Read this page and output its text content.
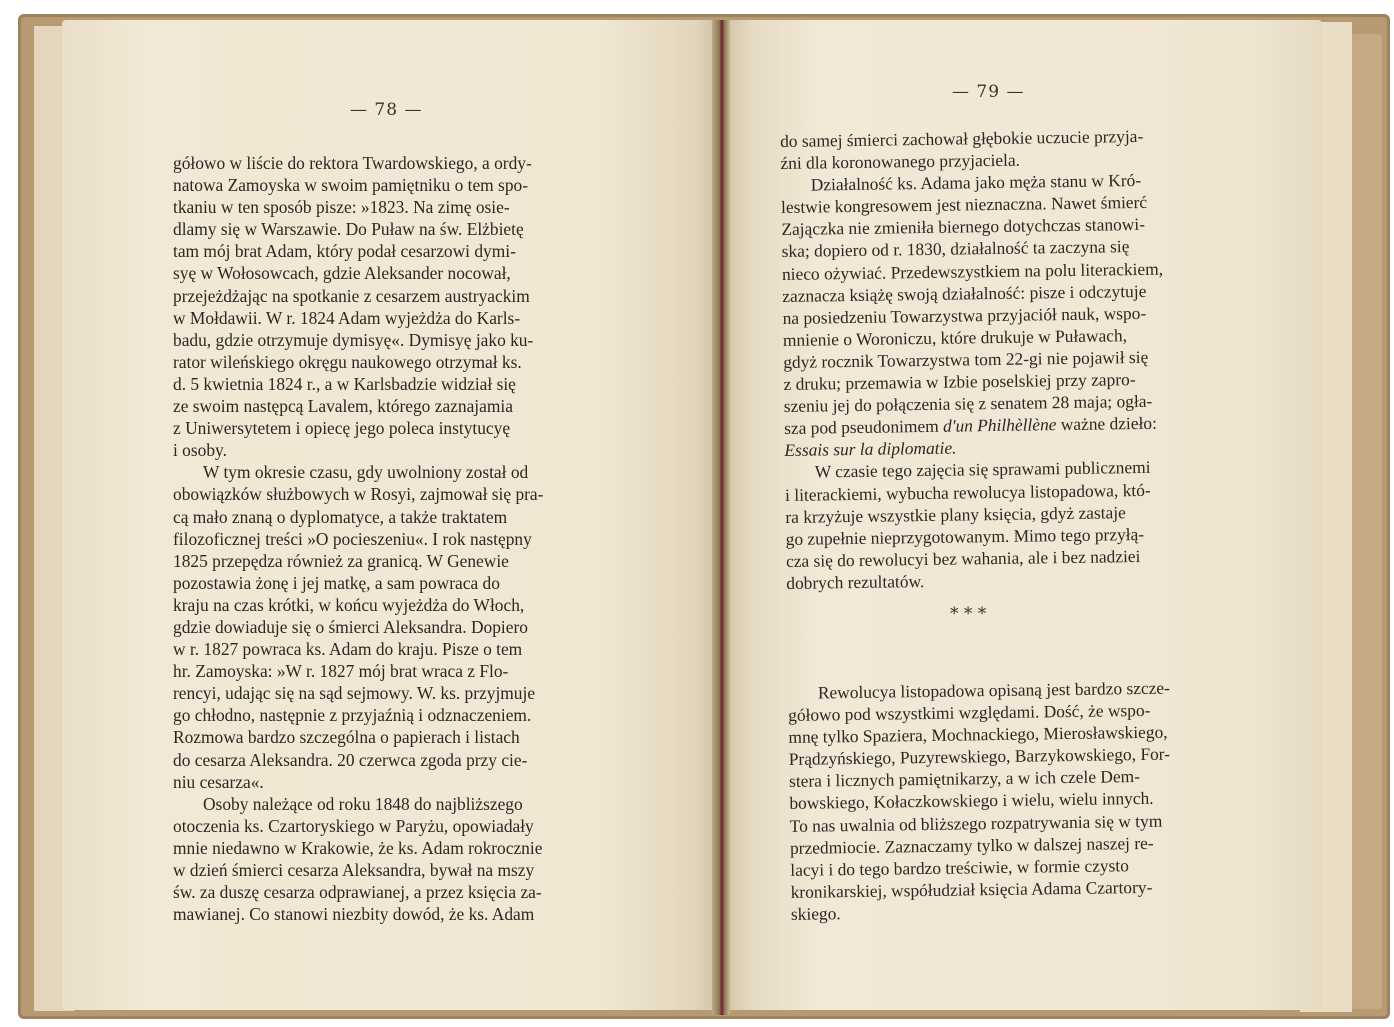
— 78 —
gółowo w liście do rektora Twardowskiego, a ordy-
natowa Zamoyska w swoim pamiętniku o tem spo-
tkaniu w ten sposób pisze: »1823. Na zimę osie-
dlamy się w Warszawie. Do Puław na św. Elżbietę
tam mój brat Adam, który podał cesarzowi dymi-
syę w Wołosowcach, gdzie Aleksander nocował,
przejeżdżając na spotkanie z cesarzem austryackim
w Mołdawii. W r. 1824 Adam wyjeżdża do Karls-
badu, gdzie otrzymuje dymisyę«. Dymisyę jako ku-
rator wileńskiego okręgu naukowego otrzymał ks.
d. 5 kwietnia 1824 r., a w Karlsbadzie widział się
ze swoim następcą Lavalem, którego zaznajamia
z Uniwersytetem i opiecę jego poleca instytucyę
i osoby.
W tym okresie czasu, gdy uwolniony został od
obowiązków służbowych w Rosyi, zajmował się pra-
cą mało znaną o dyplomatyce, a także traktatem
filozoficznej treści »O pocieszeniu«. I rok następny
1825 przepędza również za granicą. W Genewie
pozostawia żonę i jej matkę, a sam powraca do
kraju na czas krótki, w końcu wyjeżdża do Włoch,
gdzie dowiaduje się o śmierci Aleksandra. Dopiero
w r. 1827 powraca ks. Adam do kraju. Pisze o tem
hr. Zamoyska: »W r. 1827 mój brat wraca z Flo-
rencyi, udając się na sąd sejmowy. W. ks. przyjmuje
go chłodno, następnie z przyjaźnią i odznaczeniem.
Rozmowa bardzo szczególna o papierach i listach
do cesarza Aleksandra. 20 czerwca zgoda przy cie-
niu cesarza«.
Osoby należące od roku 1848 do najbliższego
otoczenia ks. Czartoryskiego w Paryżu, opowiadały
mnie niedawno w Krakowie, że ks. Adam rokrocznie
w dzień śmierci cesarza Aleksandra, bywał na mszy
św. za duszę cesarza odprawianej, a przez księcia za-
mawianej. Co stanowi niezbity dowód, że ks. Adam
— 79 —
do samej śmierci zachował głębokie uczucie przyja-
źni dla koronowanego przyjaciela.
Działalność ks. Adama jako męża stanu w Kró-
lestwie kongresowem jest nieznaczna. Nawet śmierć
Zajączka nie zmieniła biernego dotychczas stanowi-
ska; dopiero od r. 1830, działalność ta zaczyna się
nieco ożywiać. Przedewszystkiem na polu literackiem,
zaznacza książę swoją działalność: pisze i odczytuje
na posiedzeniu Towarzystwa przyjaciół nauk, wspo-
mnienie o Woroniczu, które drukuje w Puławach,
gdyż rocznik Towarzystwa tom 22-gi nie pojawił się
z druku; przemawia w Izbie poselskiej przy zapro-
szeniu jej do połączenia się z senatem 28 maja; ogła-
sza pod pseudonimem d'un Philhèllène ważne dzieło:
Essais sur la diplomatie.
W czasie tego zajęcia się sprawami publicznemi
i literackiemi, wybucha rewolucya listopadowa, któ-
ra krzyżuje wszystkie plany księcia, gdyż zastaje
go zupełnie nieprzygotowanym. Mimo tego przyłą-
cza się do rewolucyi bez wahania, ale i bez nadziei
dobrych rezultatów.
Rewolucya listopadowa opisaną jest bardzo szcze-
gółowo pod wszystkimi względami. Dość, że wspo-
mnę tylko Spaziera, Mochnackiego, Mierosławskiego,
Prądzyńskiego, Puzyrewskiego, Barzykowskiego, For-
stera i licznych pamiętnikarzy, a w ich czele Dem-
bowskiego, Kołaczkowskiego i wielu, wielu innych.
To nas uwalnia od bliższego rozpatrywania się w tym
przedmiocie. Zaznaczamy tylko w dalszej naszej re-
lacyi i do tego bardzo treściwie, w formie czysto
kronikarskiej, współudział księcia Adama Czartory-
skiego.
* * *
